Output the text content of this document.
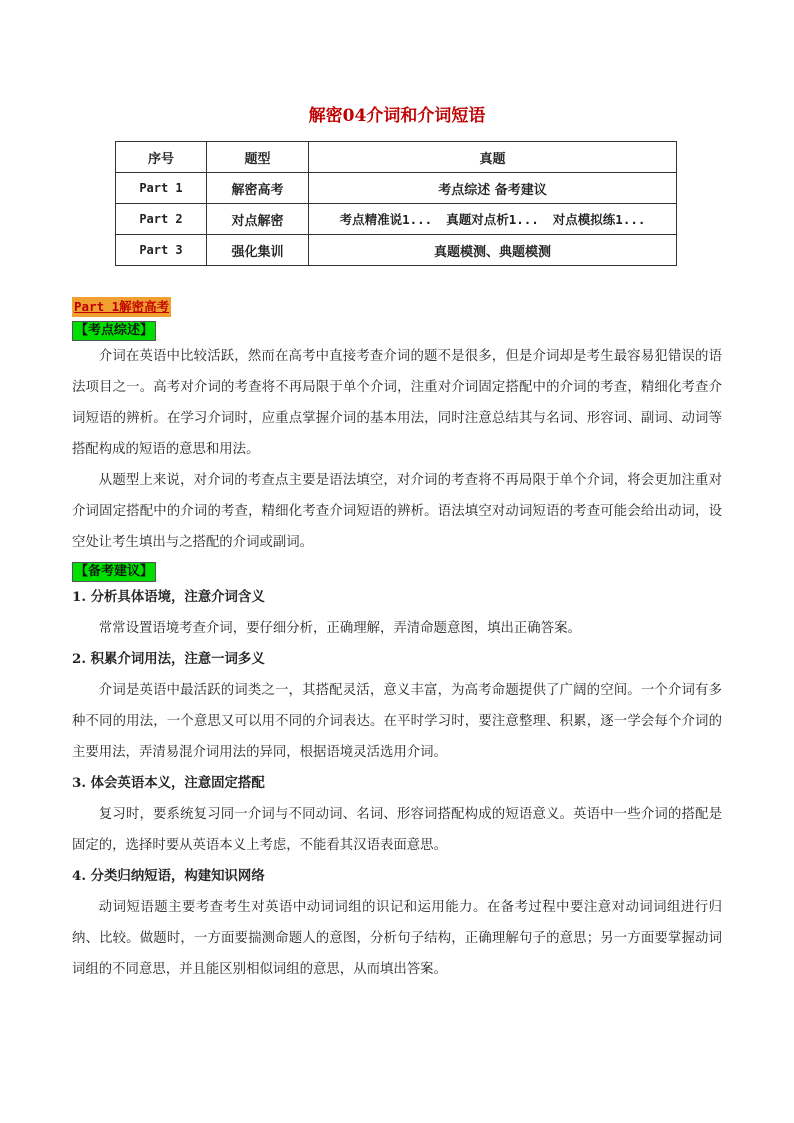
解密04介词和介词短语
序号	题型	真题
Part 1	解密高考	考点综述 备考建议
Part 2	对点解密	考点精准说1... 真题对点析1... 对点模拟练1...
Part 3	强化集训	真题模测、典题模测
Part 1解密高考
【考点综述】

介词在英语中比较活跃，然而在高考中直接考查介词的题不是很多，但是介词却是考生最容易犯错误的语法项目之一。高考对介词的考查将不再局限于单个介词，注重对介词固定搭配中的介词的考查，精细化考查介词短语的辨析。在学习介词时，应重点掌握介词的基本用法，同时注意总结其与名词、形容词、副词、动词等搭配构成的短语的意思和用法。

从题型上来说，对介词的考查点主要是语法填空，对介词的考查将不再局限于单个介词，将会更加注重对介词固定搭配中的介词的考查，精细化考查介词短语的辨析。语法填空对动词短语的考查可能会给出动词，设空处让考生填出与之搭配的介词或副词。

【备考建议】

1. 分析具体语境，注意介词含义

常常设置语境考查介词，要仔细分析，正确理解，弄清命题意图，填出正确答案。

2. 积累介词用法，注意一词多义

介词是英语中最活跃的词类之一，其搭配灵活，意义丰富，为高考命题提供了广阔的空间。一个介词有多种不同的用法，一个意思又可以用不同的介词表达。在平时学习时，要注意整理、积累，逐一学会每个介词的主要用法，弄清易混介词用法的异同，根据语境灵活选用介词。

3. 体会英语本义，注意固定搭配

复习时，要系统复习同一介词与不同动词、名词、形容词搭配构成的短语意义。英语中一些介词的搭配是固定的，选择时要从英语本义上考虑，不能看其汉语表面意思。

4. 分类归纳短语，构建知识网络

动词短语题主要考查考生对英语中动词词组的识记和运用能力。在备考过程中要注意对动词词组进行归纳、比较。做题时，一方面要揣测命题人的意图，分析句子结构，正确理解句子的意思；另一方面要掌握动词词组的不同意思，并且能区别相似词组的意思，从而填出答案。
